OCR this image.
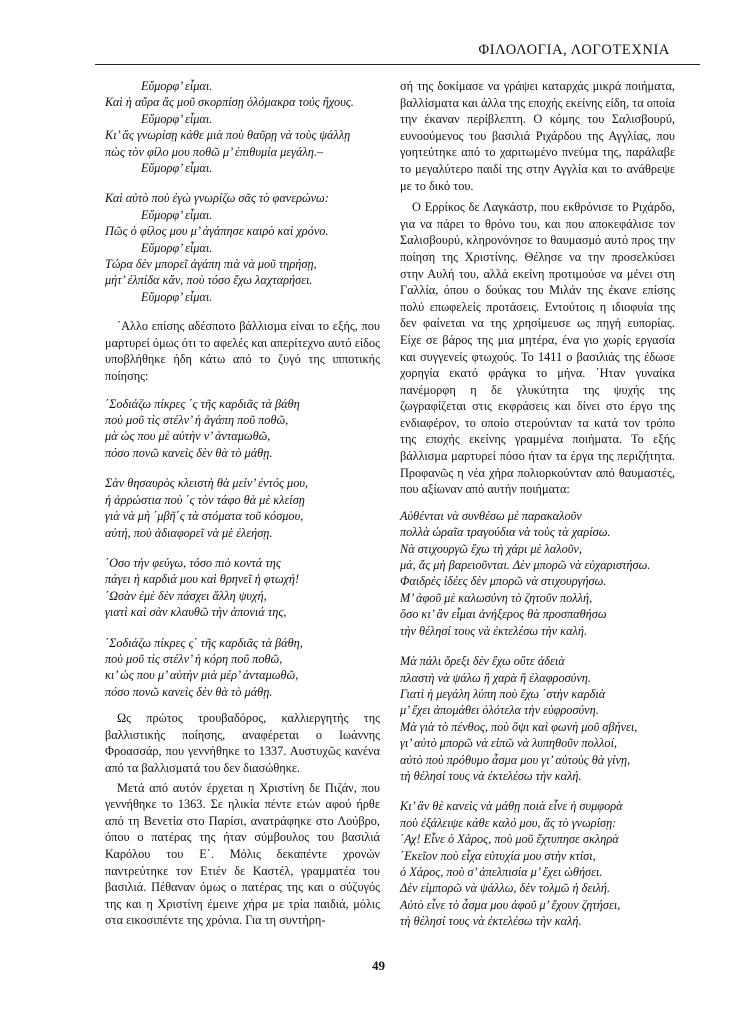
ΦΙΛΟΛΟΓΙΑ, ΛΟΓΟΤΕΧΝΙΑ
Εὔμορφ’ εἶμαι.
Καὶ ἡ αὔρα ἄς μοῦ σκορπίσῃ ὁλόμακρα τούς ἤχους.
Εὔμορφ’ εἶμαι.
Κι’ ἄς γνωρίσῃ κάθε μιὰ ποὺ θαῦρῃ νὰ τοὺς ψάλλῃ
πὼς τὸν φίλο μου ποθῶ μ’ ἐπιθυμία μεγάλη.–
Εὔμορφ’ εἶμαι.
Καὶ αὐτὸ ποὺ ἐγὼ γνωρίζω σᾶς τὸ φανερώνω:
Εὔμορφ’ εἶμαι.
Πῶς ὁ φίλος μου μ’ ἀγάπησε καιρὸ καὶ χρόνο.
Εὔμορφ’ εἶμαι.
Τώρα δὲν μπορεῖ ἀγάπη πιὰ νὰ μοῦ τηρήσῃ,
μήτ’ ἐλπίδα κἄν, ποὺ τόσο ἔχω λαχταρήσει.
Εὔμορφ’ εἶμαι.

΄Αλλο επίσης αδέσποτο βάλλισμα είναι το εξής, που μαρτυρεί όμως ότι το αφελές και απερίτεχνο αυτό είδος υποβλήθηκε ήδη κάτω από το ζυγό της ιπποτικής ποίησης:

΄Σοδιάζω πίκρες ΄ς τῆς καρδιᾶς τὰ βάθη
ποὺ μοῦ τὶς στέλν’ ἡ ἀγάπη ποῦ ποθῶ,
μὰ ὡς που μὲ αὐτὴν ν’ ἀνταμωθῶ,
πόσο πονῶ κανεὶς δὲν θὰ τὸ μάθῃ.
Σὰν θησαυρὸς κλειστὴ θὰ μείν’ ἐντός μου,
ἡ ἀρρώστια ποὺ ΄ς τὸν τάφο θὰ μὲ κλείσῃ
γιὰ νὰ μὴ ΄μβῆ΄ς τὰ στόματα τοῦ κόσμου,
αὐτή, ποὺ ἀδιαφορεῖ νὰ μὲ ἐλεήσῃ.
΄Οσο τὴν φεύγω, τόσο πιὸ κοντά της
πάγει ἡ καρδιά μου καὶ θρηνεῖ ἡ φτωχή!
΄Ωσὰν ἐμὲ δὲν πάσχει ἄλλη ψυχή,
γιατὶ καὶ σὰν κλαυθῶ τὴν ἀπονιά της,
΄Σοδιάζω πίκρες ς΄ τῆς καρδιᾶς τὰ βάθη,
ποὺ μοῦ τὶς στέλν’ ἡ κόρη ποῦ ποθῶ,
κι’ ὡς που μ’ αὐτὴν μιὰ μέρ’ ἀνταμωθῶ,
πόσο πονῶ κανεὶς δὲν θὰ τὸ μάθῃ.

Ως πρώτος τρουβαδόρος, καλλιεργητής της βαλλιστικής ποίησης, αναφέρεται ο Ιωάννης Φροασσάρ, που γεννήθηκε το 1337. Αυστυχῶς κανένα από τα βαλλισματά του δεν διασώθηκε.

Μετά από αυτόν έρχεται η Χριστίνη δε Πιζάν, που γεννήθηκε το 1363. Σε ηλικία πέντε ετών αφού ήρθε από τη Βενετία στο Παρίσι, ανατράφηκε στο Λούβρο, όπου ο πατέρας της ήταν σύμβουλος του βασιλιά Καρόλου του Ε΄. Μόλις δεκαπέντε χρονών παντρεύτηκε τον Ετιέν δε Καστέλ, γραμματέα του βασιλιά. Πέθαναν όμως ο πατέρας της και ο σύζυγός της και η Χριστίνη έμεινε χήρα με τρία παιδιά, μόλις στα εικοσιπέντε της χρόνια. Για τη συντήρη-

σή της δοκίμασε να γράψει καταρχάς μικρά ποιήματα, βαλλίσματα και άλλα της εποχής εκείνης είδη, τα οποία την έκαναν περίβλεπτη. Ο κόμης του Σαλισβουρύ, ευνοούμενος του βασιλιά Ριχάρδου της Αγγλίας, που γοητεύτηκε από το χαριτωμένο πνεύμα της, παράλαβε το μεγαλύτερο παιδί της στην Αγγλία και το ανάθρεψε με το δικό του.

Ο Ερρίκος δε Λαγκάστρ, που εκθρόνισε το Ριχάρδο, για να πάρει το θρόνο του, και που αποκεφάλισε τον Σαλισβουρύ, κληρονόνησε το θαυμασμό αυτό προς την ποίηση της Χριστίνης. Θέλησε να την προσελκύσει στην Αυλή του, αλλά εκείνη προτιμούσε να μένει στη Γαλλία, όπου ο δούκας του Μιλάν της έκανε επίσης πολύ επωφελείς προτάσεις. Εντούτοις η ιδιοφυία της δεν φαίνεται να της χρησίμευσε ως πηγή ευπορίας. Είχε σε βάρος της μια μητέρα, ένα γιο χωρίς εργασία και συγγενείς φτωχούς. Το 1411 ο βασιλιάς της έδωσε χορηγία εκατό φράγκα το μήνα. ΄Ηταν γυναίκα πανέμορφη η δε γλυκύτητα της ψυχής της ζωγραφίζεται στις εκφράσεις και δίνει στο έργο της ενδιαφέρον, το οποίο στερούνταν τα κατά τον τρόπο της εποχής εκείνης γραμμένα ποιήματα. Το εξής βάλλισμα μαρτυρεί πόσο ήταν τα έργα της περιζήτητα. Προφανῶς η νέα χήρα πολιορκούνταν από θαυμαστές, που αξίωναν από αυτήν ποιήματα:

Αὐθένται νὰ συνθέσω μὲ παρακαλοῦν
πολλὰ ὡραῖα τραγούδια νὰ τοὺς τὰ χαρίσω.
Νὰ στιχουργῶ ἔχω τὴ χάρι μὲ λαλοῦν,
μά, ἄς μὴ βαρειοῦνται. Δὲν μπορῶ νὰ εὐχαριστήσω.
Φαιδρὲς ἰδέες δὲν μπορῶ νὰ στιχουργήσω.
Μ’ ἀφοῦ μὲ καλωσύνη τὸ ζητοῦν πολλή,
ὅσο κι’ ἂν εἶμαι ἀνήξερος θὰ προσπαθήσω
τὴν θέλησί τους νὰ ἐκτελέσω τὴν καλή.
Μὰ πάλι ὄρεξι δὲν ἔχω οὔτε ἀδειὰ
πλαστὴ νὰ ψάλω ἢ χαρὰ ἢ ἐλαφροσύνη.
Γιατὶ ἡ μεγάλη λύπη ποὺ ἔχω ΄στὴν καρδιὰ
μ’ ἔχει ἀπομάθει ὁλότελα τὴν εὐφροσύνη.
Μὰ γιὰ τὸ πένθος, ποὺ ὅψι καὶ φωνὴ μοῦ σβήνει,
γι’ αὐτὸ μπορῶ νὰ εἰπῶ νὰ λυπηθοῦν πολλοί,
αὐτὸ ποὺ πρόθυμο ἆσμα μου γι’ αὐτοὺς θὰ γίνῃ,
τὴ θέλησί τους νὰ ἐκτελέσω τὴν καλή.
Κι’ ἂν θὲ κανεὶς νὰ μάθῃ ποιὰ εἶνε ἡ συμφορὰ
ποὺ ἐξάλειψε κάθε καλό μου, ἄς τὸ γνωρίσῃ:
΄Αχ! Εἶνε ὁ Χάρος, ποὺ μοῦ ἔχτυπησε σκληρὰ
΄Εκεῖον ποὺ εἶχα εὐτυχία μου στὴν κτίσι,
ὁ Χάρος, ποὺ σ’ ἀπελπισία μ’ ἔχει ὠθήσει.
Δὲν εἰμπορῶ νὰ ψάλλω, δὲν τολμῶ ἡ δειλή.
Αὐτὸ εἶνε τὸ ἆσμα μου ἀφοῦ μ’ ἔχουν ζητήσει,
τὴ θέλησί τους νὰ ἐκτελέσω τὴν καλή.
49
